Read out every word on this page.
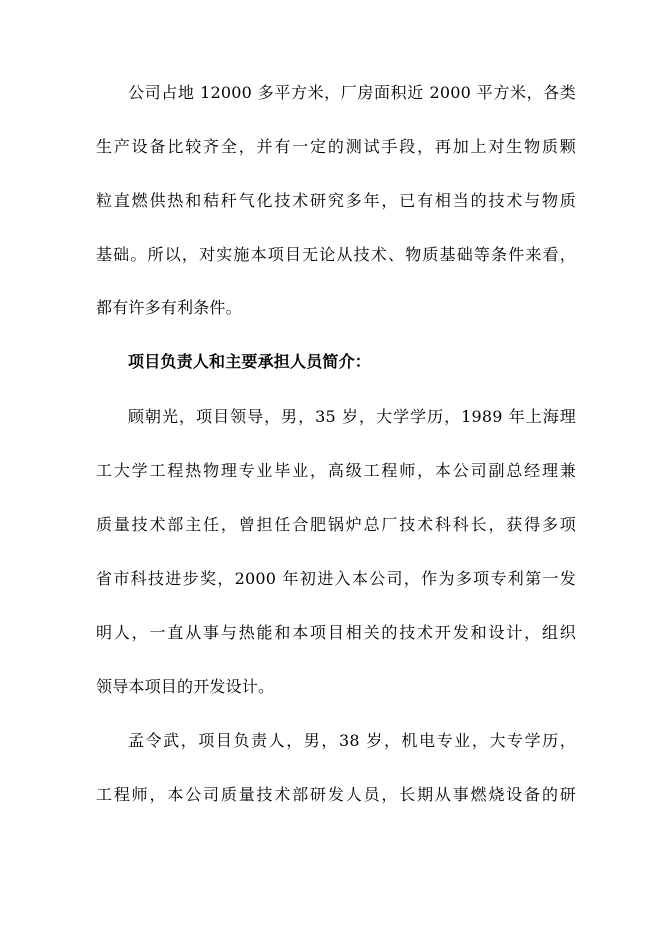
公司占地 12000 多平方米，厂房面积近 2000 平方米，各类
生产设备比较齐全，并有一定的测试手段，再加上对生物质颗
粒直燃供热和秸秆气化技术研究多年，已有相当的技术与物质
基础。所以，对实施本项目无论从技术、物质基础等条件来看，
都有许多有利条件。
项目负责人和主要承担人员简介：
顾朝光，项目领导，男，35 岁，大学学历，1989 年上海理
工大学工程热物理专业毕业，高级工程师，本公司副总经理兼
质量技术部主任，曾担任合肥锅炉总厂技术科科长，获得多项
省市科技进步奖，2000 年初进入本公司，作为多项专利第一发
明人，一直从事与热能和本项目相关的技术开发和设计，组织
领导本项目的开发设计。
孟令武，项目负责人，男，38 岁，机电专业，大专学历，
工程师，本公司质量技术部研发人员，长期从事燃烧设备的研
